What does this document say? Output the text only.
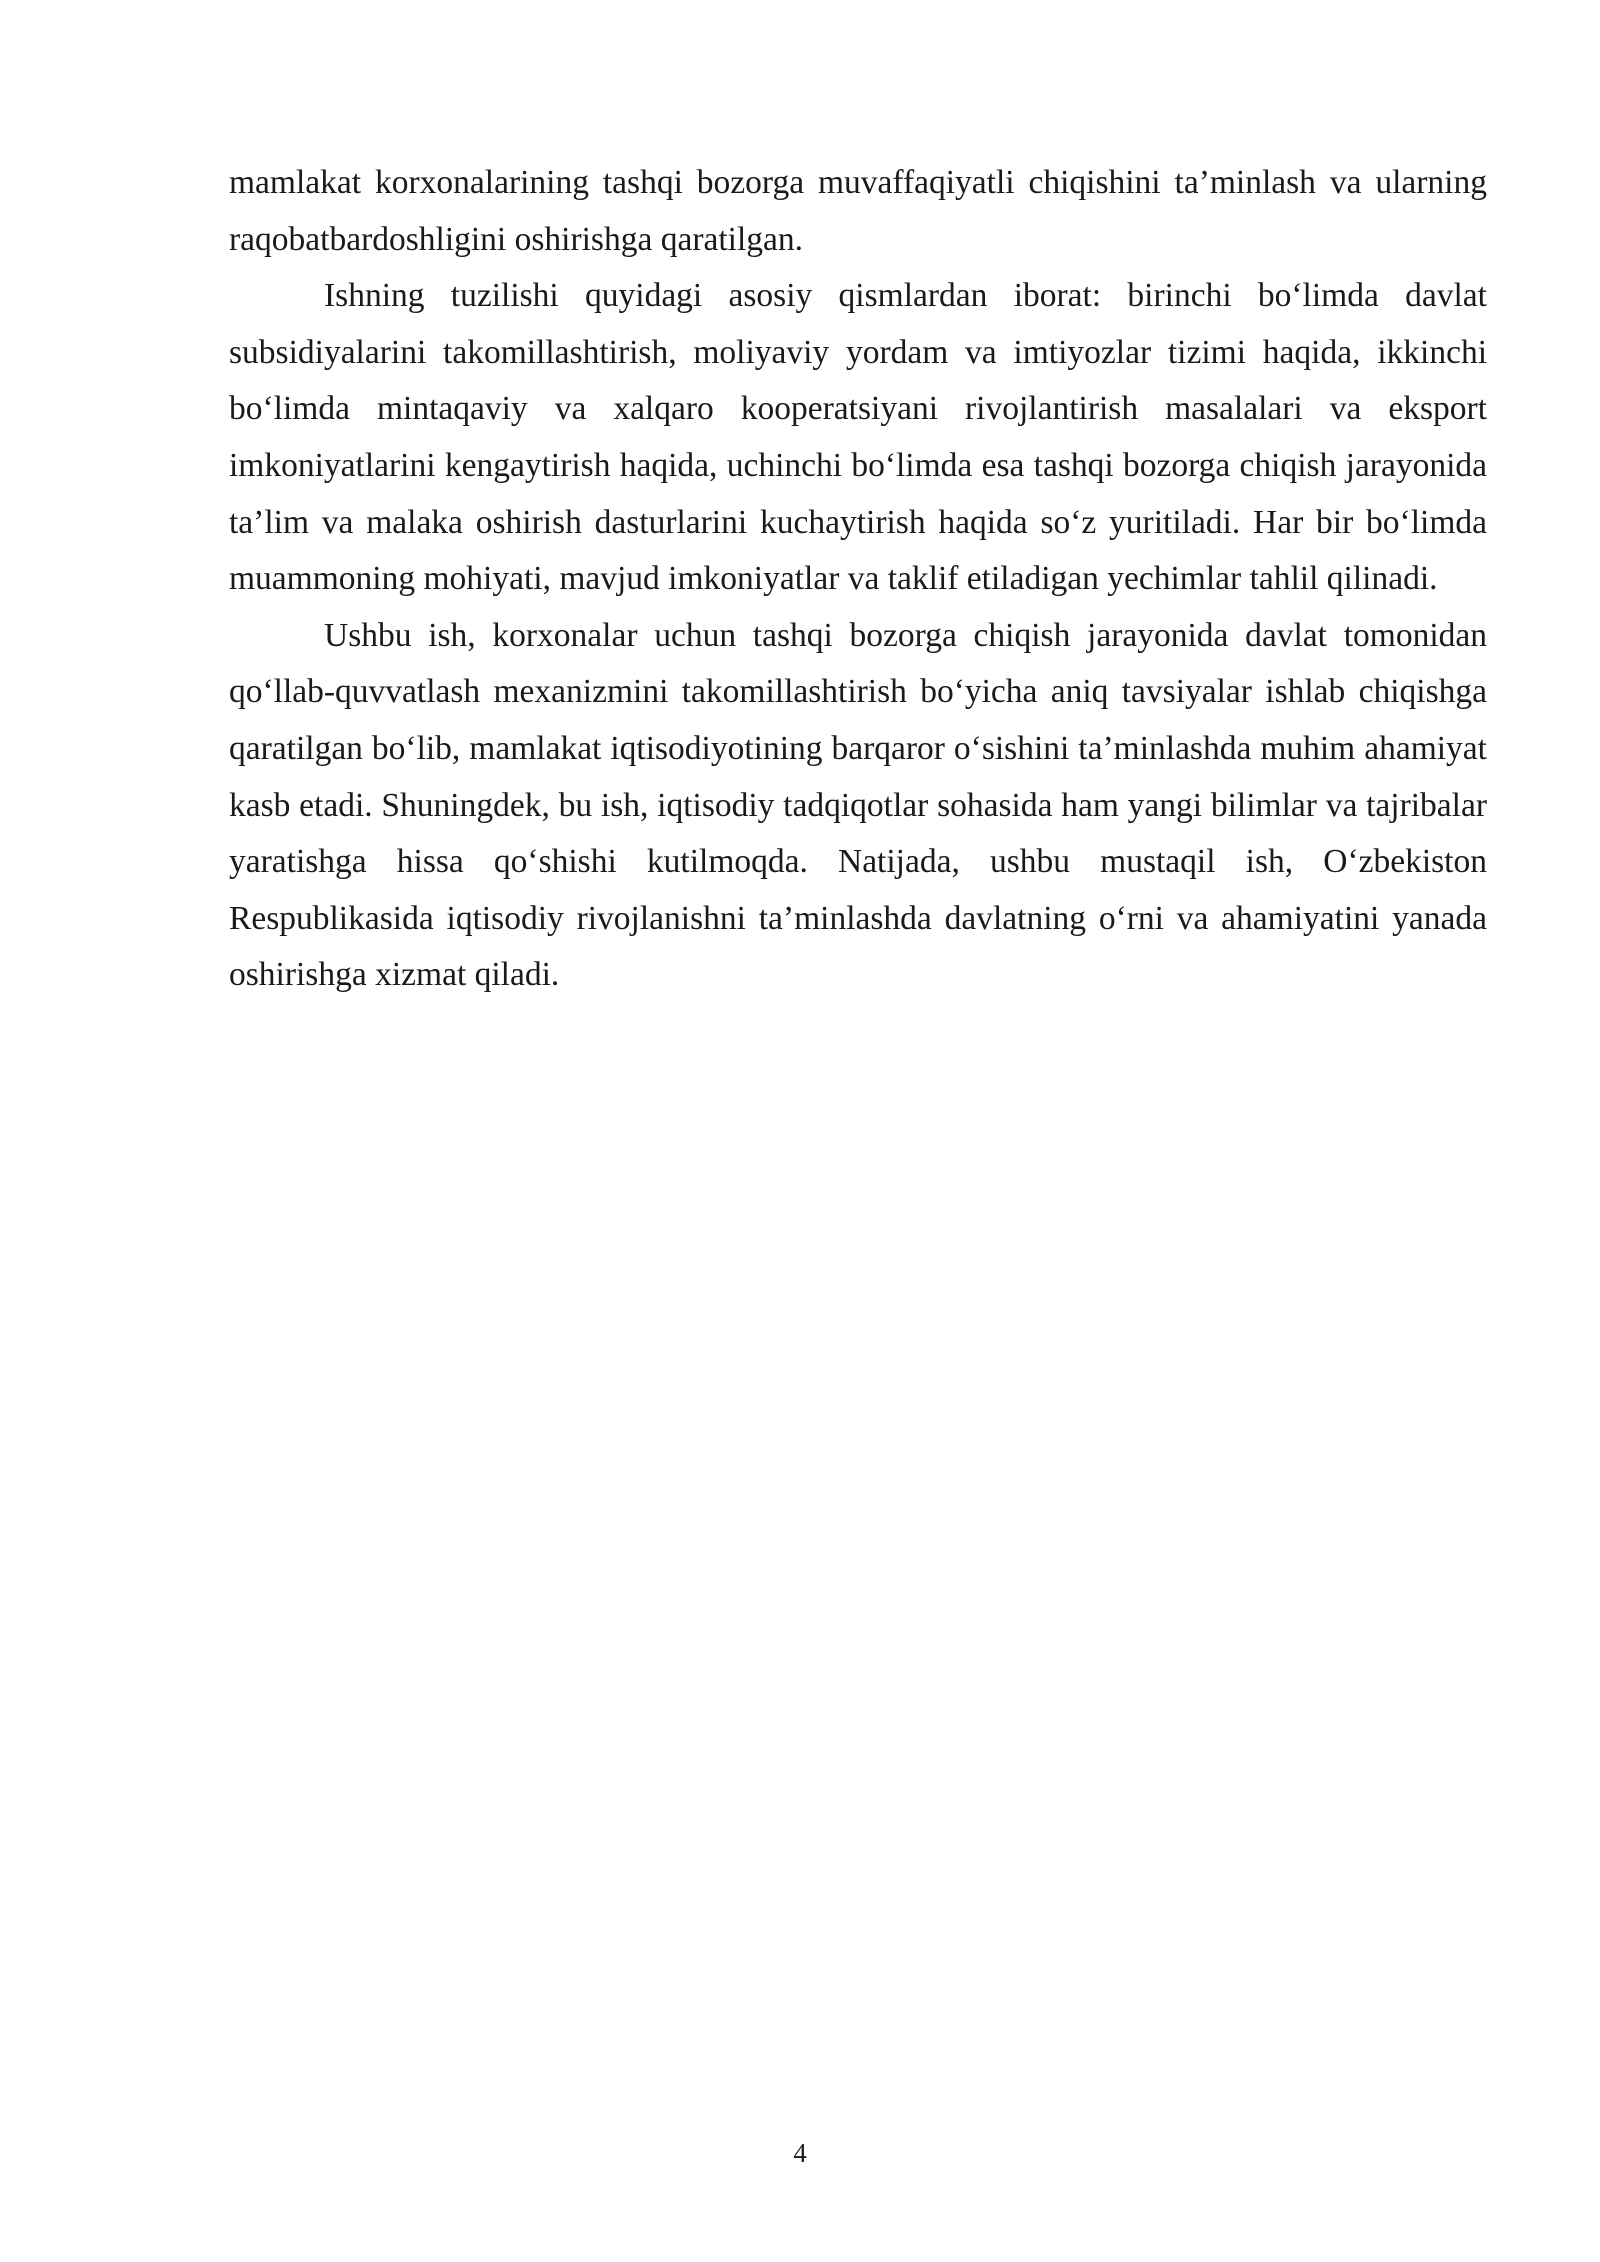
mamlakat korxonalarining tashqi bozorga muvaffaqiyatli chiqishini ta’minlash va ularning raqobatbardoshligini oshirishga qaratilgan.

Ishning tuzilishi quyidagi asosiy qismlardan iborat: birinchi bo‘limda davlat subsidiyalarini takomillashtirish, moliyaviy yordam va imtiyozlar tizimi haqida, ikkinchi bo‘limda mintaqaviy va xalqaro kooperatsiyani rivojlantirish masalalari va eksport imkoniyatlarini kengaytirish haqida, uchinchi bo‘limda esa tashqi bozorga chiqish jarayonida ta’lim va malaka oshirish dasturlarini kuchaytirish haqida so‘z yuritiladi. Har bir bo‘limda muammoning mohiyati, mavjud imkoniyatlar va taklif etiladigan yechimlar tahlil qilinadi.

Ushbu ish, korxonalar uchun tashqi bozorga chiqish jarayonida davlat tomonidan qo‘llab-quvvatlash mexanizmini takomillashtirish bo‘yicha aniq tavsiyalar ishlab chiqishga qaratilgan bo‘lib, mamlakat iqtisodiyotining barqaror o‘sishini ta’minlashda muhim ahamiyat kasb etadi. Shuningdek, bu ish, iqtisodiy tadqiqotlar sohasida ham yangi bilimlar va tajribalar yaratishga hissa qo‘shishi kutilmoqda. Natijada, ushbu mustaqil ish, O‘zbekiston Respublikasida iqtisodiy rivojlanishni ta’minlashda davlatning o‘rni va ahamiyatini yanada oshirishga xizmat qiladi.

4
